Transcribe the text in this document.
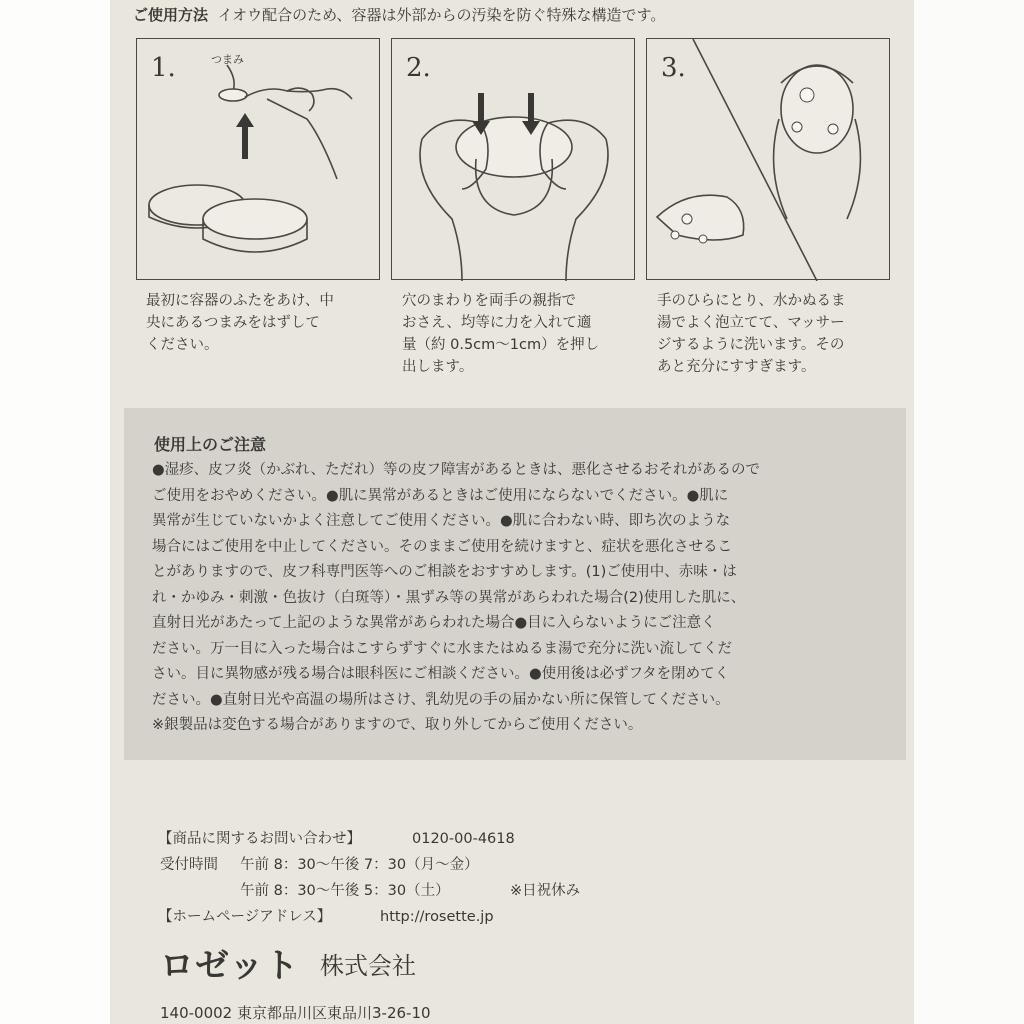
ご使用方法 イオウ配合のため、容器は外部からの汚染を防ぐ特殊な構造です。
1.	つまみ	2.	3.
最初に容器のふたをあけ、中
央にあるつまみをはずして
ください。
穴のまわりを両手の親指で
おさえ、均等に力を入れて適
量（約 0.5cm〜1cm）を押し
出します。
手のひらにとり、水かぬるま
湯でよく泡立てて、マッサー
ジするように洗います。その
あと充分にすすぎます。
使用上のご注意
●湿疹、皮フ炎（かぶれ、ただれ）等の皮フ障害があるときは、悪化させるおそれがあるので
ご使用をおやめください。●肌に異常があるときはご使用にならないでください。●肌に
異常が生じていないかよく注意してご使用ください。●肌に合わない時、即ち次のような
場合にはご使用を中止してください。そのままご使用を続けますと、症状を悪化させるこ
とがありますので、皮フ科専門医等へのご相談をおすすめします。(1)ご使用中、赤味・は
れ・かゆみ・刺激・色抜け（白斑等）・黒ずみ等の異常があらわれた場合(2)使用した肌に、
直射日光があたって上記のような異常があらわれた場合●目に入らないようにご注意く
ださい。万一目に入った場合はこすらずすぐに水またはぬるま湯で充分に洗い流してくだ
さい。目に異物感が残る場合は眼科医にご相談ください。●使用後は必ずフタを閉めてく
ださい。●直射日光や高温の場所はさけ、乳幼児の手の届かない所に保管してください。
※銀製品は変色する場合がありますので、取り外してからご使用ください。
【商品に関するお問い合わせ】	0120-00-4618
受付時間 午前 8：30〜午後 7：30（月〜金）
午前 8：30〜午後 5：30（土）	※日祝休み
【ホームページアドレス】	http://rosette.jp
ロゼット 株式会社
140-0002 東京都品川区東品川3-26-10
